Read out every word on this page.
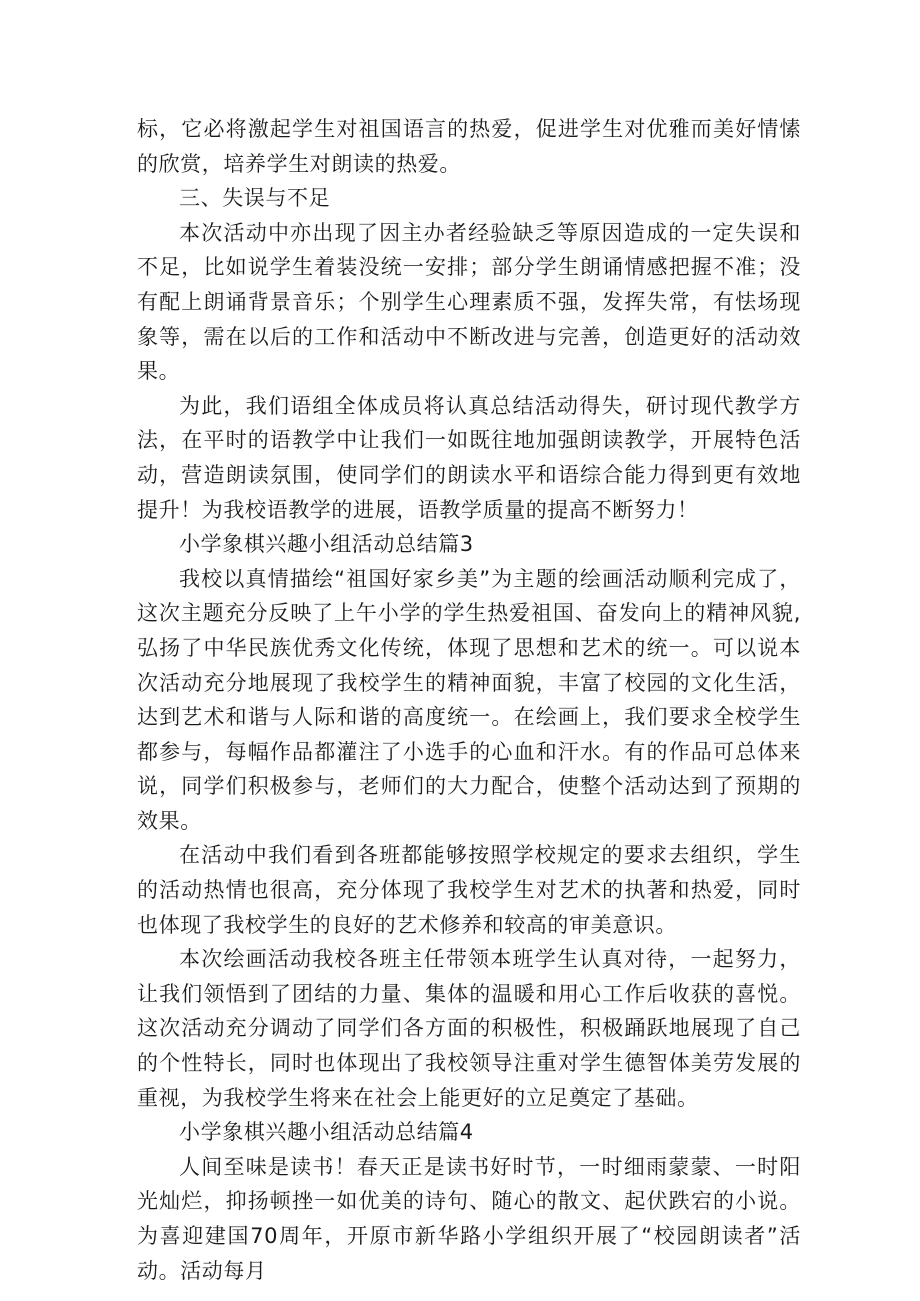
标，它必将激起学生对祖国语言的热爱，促进学生对优雅而美好情愫的欣赏，培养学生对朗读的热爱。

三、失误与不足

本次活动中亦出现了因主办者经验缺乏等原因造成的一定失误和不足，比如说学生着装没统一安排；部分学生朗诵情感把握不准；没有配上朗诵背景音乐；个别学生心理素质不强，发挥失常，有怯场现象等，需在以后的工作和活动中不断改进与完善，创造更好的活动效果。

为此，我们语组全体成员将认真总结活动得失，研讨现代教学方法，在平时的语教学中让我们一如既往地加强朗读教学，开展特色活动，营造朗读氛围，使同学们的朗读水平和语综合能力得到更有效地提升！为我校语教学的进展，语教学质量的提高不断努力！

小学象棋兴趣小组活动总结篇3

我校以真情描绘“祖国好家乡美”为主题的绘画活动顺利完成了，这次主题充分反映了上午小学的学生热爱祖国、奋发向上的精神风貌,弘扬了中华民族优秀文化传统，体现了思想和艺术的统一。可以说本次活动充分地展现了我校学生的精神面貌，丰富了校园的文化生活，达到艺术和谐与人际和谐的高度统一。在绘画上，我们要求全校学生都参与，每幅作品都灌注了小选手的心血和汗水。有的作品可总体来说，同学们积极参与，老师们的大力配合，使整个活动达到了预期的效果。

在活动中我们看到各班都能够按照学校规定的要求去组织，学生的活动热情也很高，充分体现了我校学生对艺术的执著和热爱，同时也体现了我校学生的良好的艺术修养和较高的审美意识。

本次绘画活动我校各班主任带领本班学生认真对待，一起努力，让我们领悟到了团结的力量、集体的温暖和用心工作后收获的喜悦。这次活动充分调动了同学们各方面的积极性，积极踊跃地展现了自己的个性特长，同时也体现出了我校领导注重对学生德智体美劳发展的重视，为我校学生将来在社会上能更好的立足奠定了基础。

小学象棋兴趣小组活动总结篇4

人间至味是读书！春天正是读书好时节，一时细雨蒙蒙、一时阳光灿烂，抑扬顿挫一如优美的诗句、随心的散文、起伏跌宕的小说。为喜迎建国70周年，开原市新华路小学组织开展了“校园朗读者”活动。活动每月
